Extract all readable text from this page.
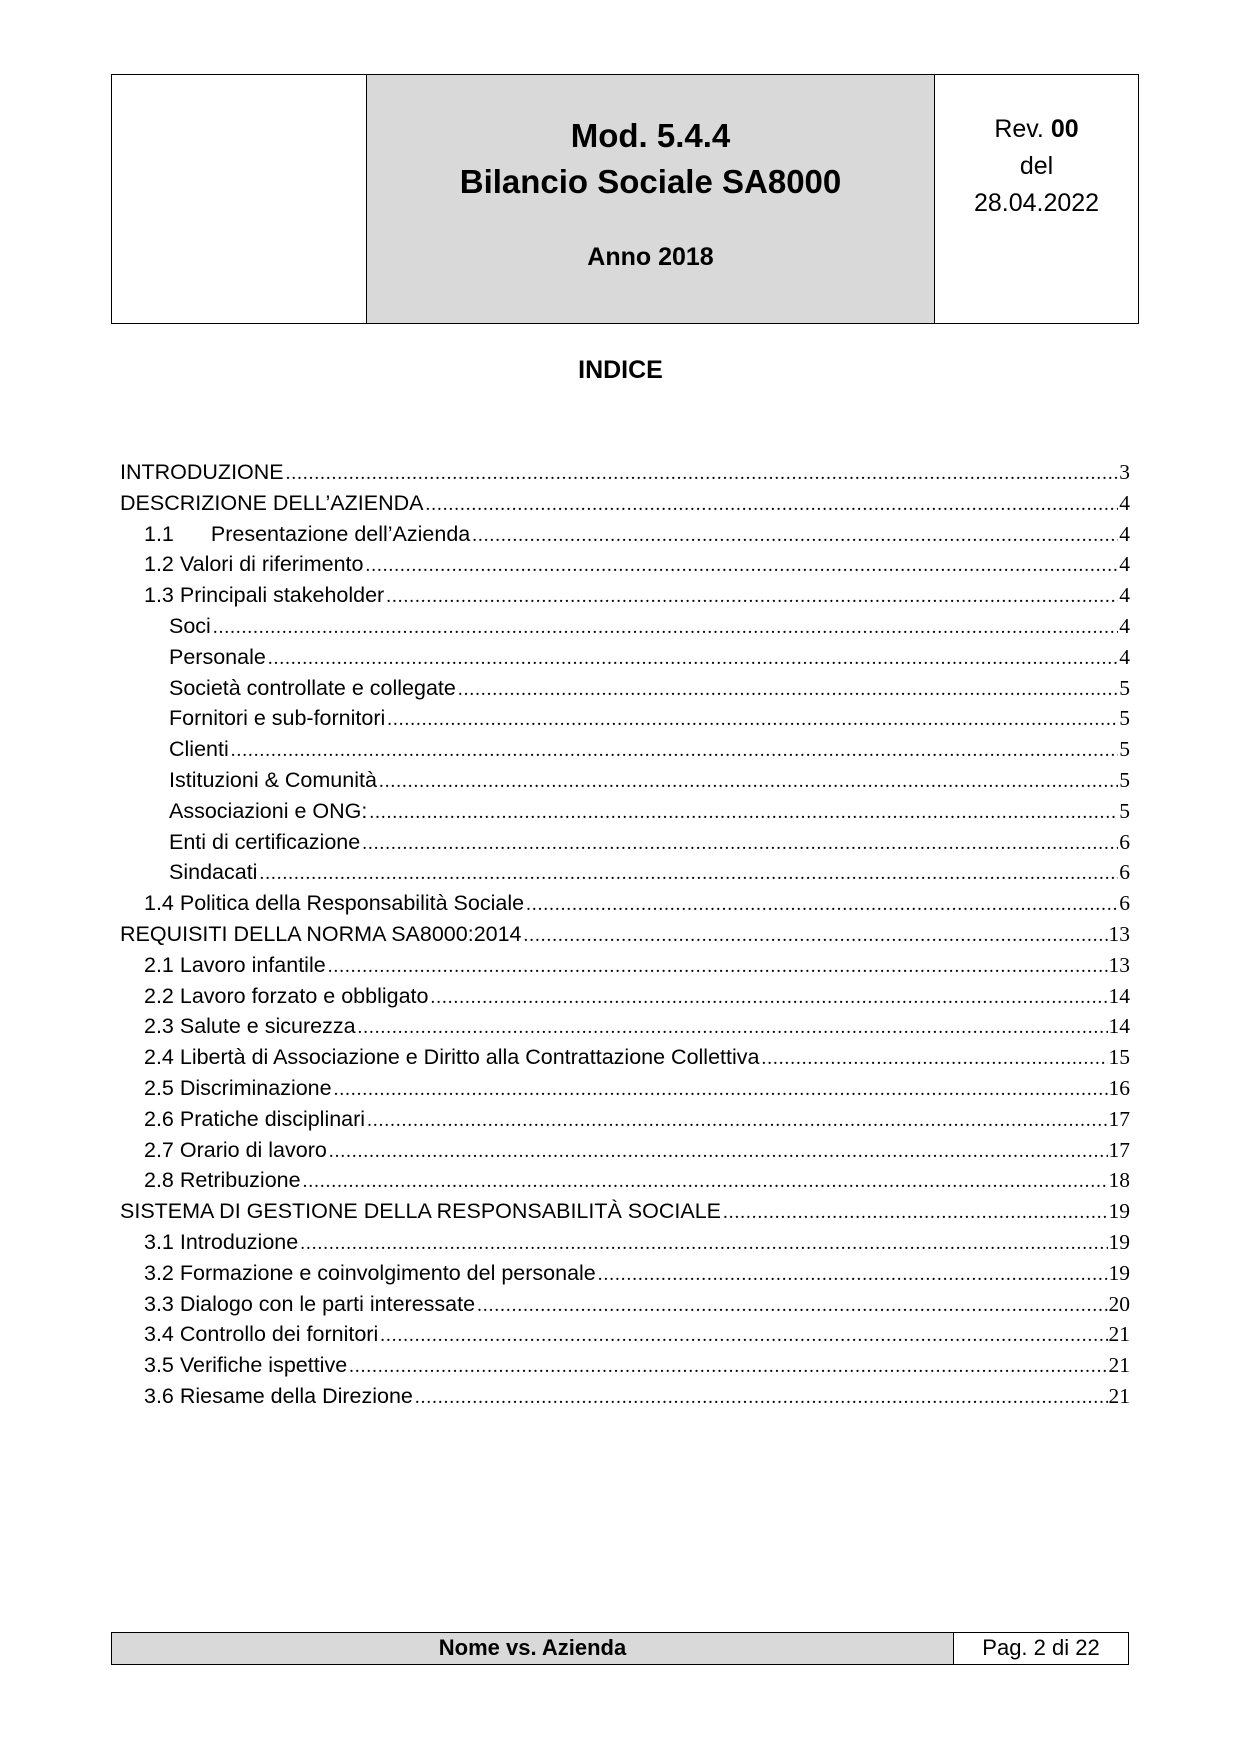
Mod. 5.4.4
Bilancio Sociale SA8000
Anno 2018
Rev. 00
del
28.04.2022
INDICE
INTRODUZIONE .....	3
DESCRIZIONE DELL’AZIENDA .....	4
1.1 Presentazione dell’Azienda .....	4
1.2 Valori di riferimento .....	4
1.3 Principali stakeholder .....	4
Soci .....	4
Personale .....	4
Società controllate e collegate .....	5
Fornitori e sub-fornitori .....	5
Clienti .....	5
Istituzioni & Comunità .....	5
Associazioni e ONG: .....	5
Enti di certificazione .....	6
Sindacati .....	6
1.4 Politica della Responsabilità Sociale .....	6
REQUISITI DELLA NORMA SA8000:2014 .....	13
2.1 Lavoro infantile .....	13
2.2 Lavoro forzato e obbligato .....	14
2.3 Salute e sicurezza .....	14
2.4 Libertà di Associazione e Diritto alla Contrattazione Collettiva .....	15
2.5 Discriminazione .....	16
2.6 Pratiche disciplinari .....	17
2.7 Orario di lavoro .....	17
2.8 Retribuzione .....	18
SISTEMA DI GESTIONE DELLA RESPONSABILITÀ SOCIALE .....	19
3.1 Introduzione .....	19
3.2 Formazione e coinvolgimento del personale .....	19
3.3 Dialogo con le parti interessate .....	20
3.4 Controllo dei fornitori .....	21
3.5 Verifiche ispettive .....	21
3.6 Riesame della Direzione .....	21
Nome vs. Azienda	Pag. 2 di 22
